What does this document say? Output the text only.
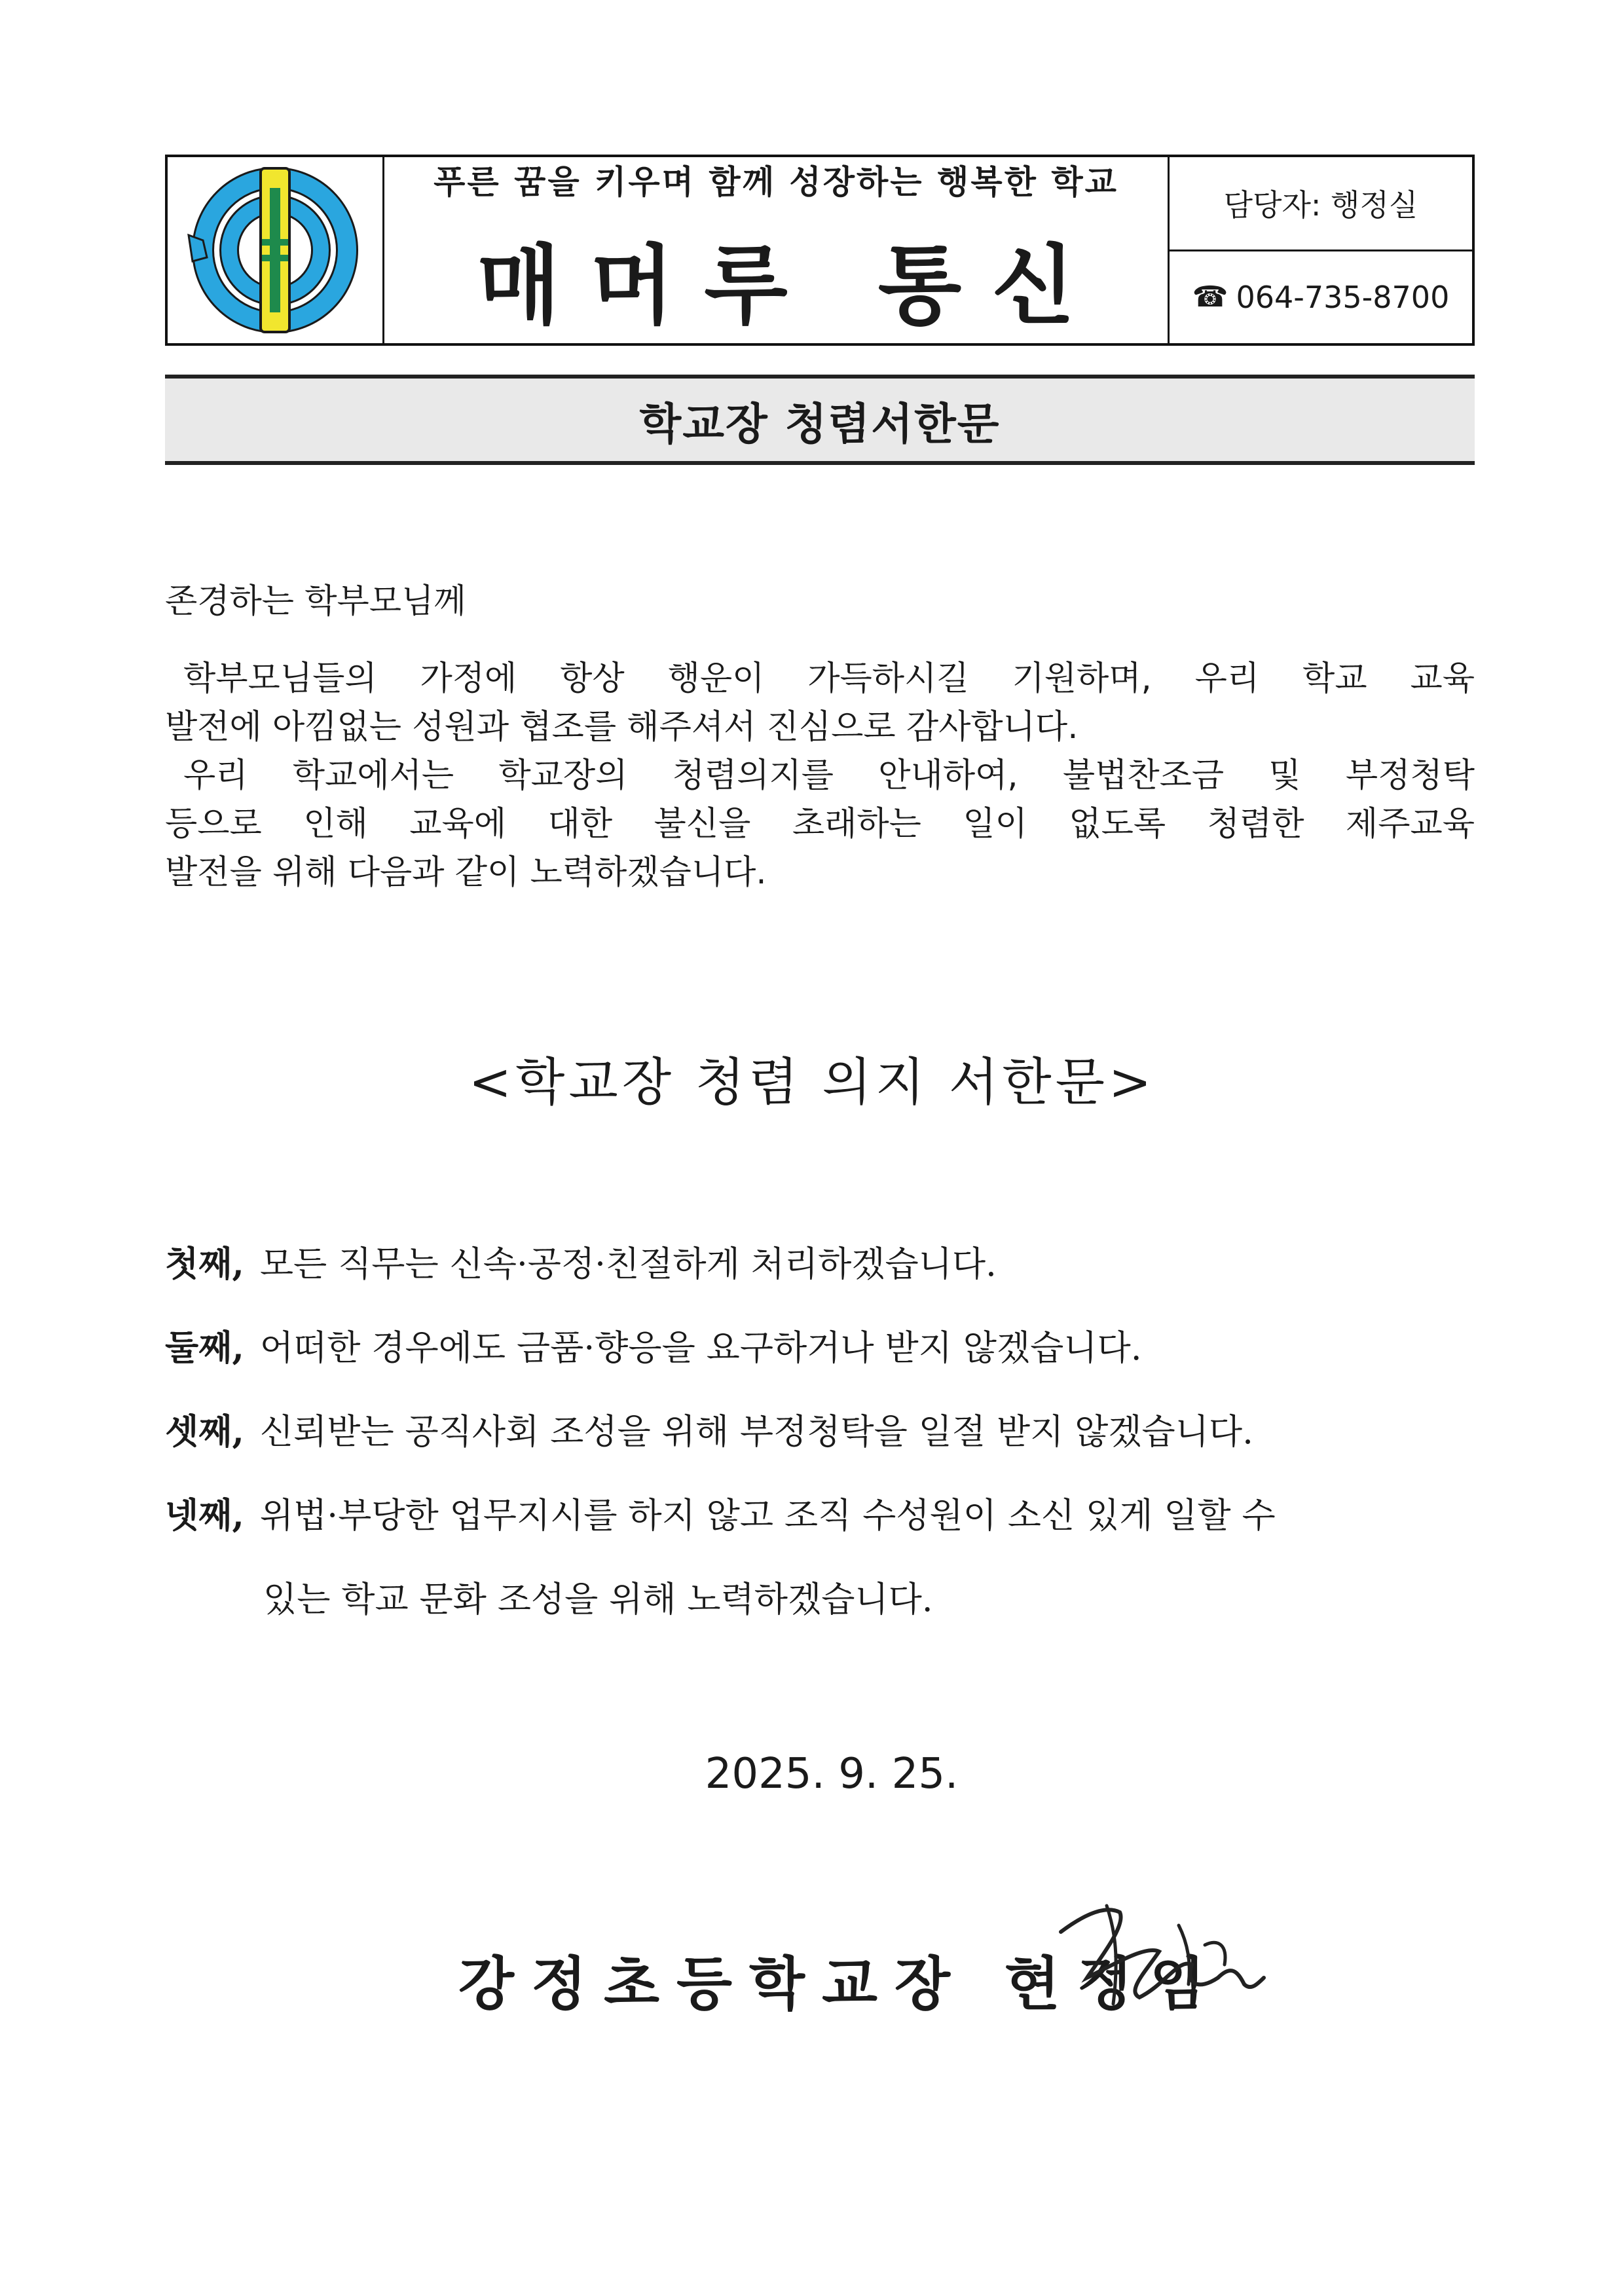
푸른 꿈을 키우며 함께 성장하는 행복한 학교
매머루 통신
담당자: 행정실
☎ 064-735-8700
학교장 청렴서한문
존경하는 학부모님께

학부모님들의 가정에 항상 행운이 가득하시길 기원하며, 우리 학교 교육

발전에 아낌없는 성원과 협조를 해주셔서 진심으로 감사합니다.

우리 학교에서는 학교장의 청렴의지를 안내하여, 불법찬조금 및 부정청탁

등으로 인해 교육에 대한 불신을 초래하는 일이 없도록 청렴한 제주교육

발전을 위해 다음과 같이 노력하겠습니다.

<학교장 청렴 의지 서한문>
첫째, 모든 직무는 신속·공정·친절하게 처리하겠습니다.
둘째, 어떠한 경우에도 금품·향응을 요구하거나 받지 않겠습니다.
셋째, 신뢰받는 공직사회 조성을 위해 부정청탁을 일절 받지 않겠습니다.
넷째, 위법·부당한 업무지시를 하지 않고 조직 수성원이 소신 있게 일할 수
있는 학교 문화 조성을 위해 노력하겠습니다.
2025. 9. 25.
강정초등학교장 현정임
